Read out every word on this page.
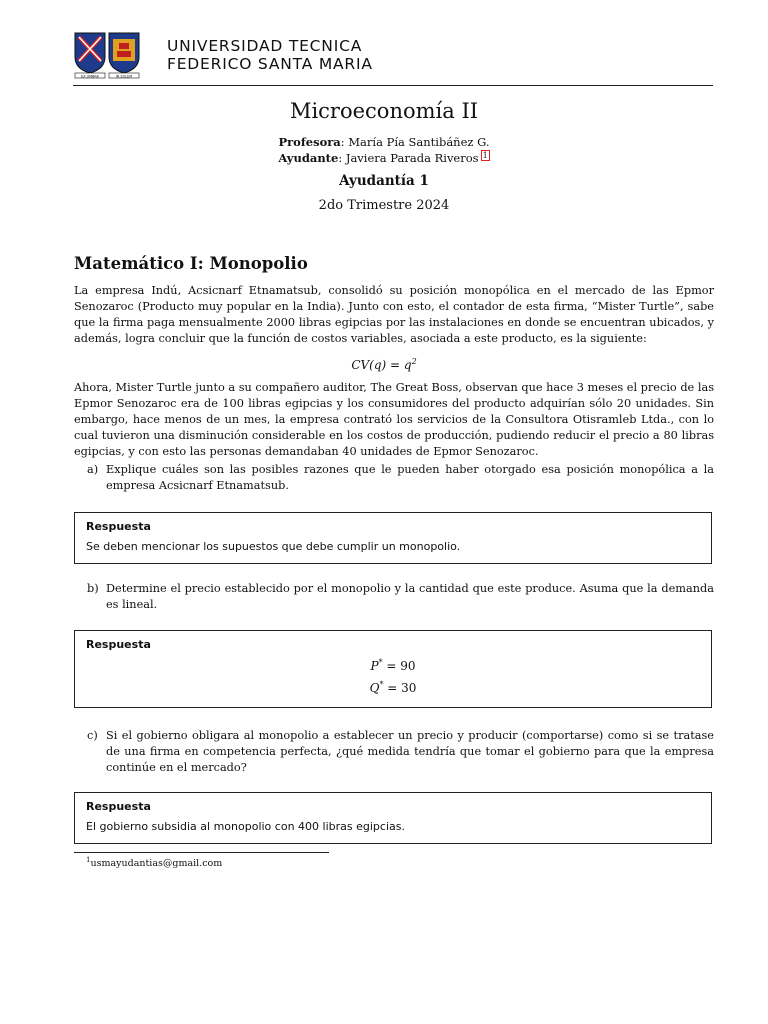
EX UMBRA	IN SOLEM
UNIVERSIDAD TECNICA
FEDERICO SANTA MARIA
Microeconomía II
Profesora: María Pía Santibáñez G.
Ayudante: Javiera Parada Riveros 1
Ayudantía 1
2do Trimestre 2024
Matemático I: Monopolio
La empresa Indú, Acsicnarf Etnamatsub, consolidó su posición monopólica en el mercado de las Epmor Senozaroc (Producto muy popular en la India). Junto con esto, el contador de esta firma, “Mister Turtle”, sabe que la firma paga mensualmente 2000 libras egipcias por las instalaciones en donde se encuentran ubicados, y además, logra concluir que la función de costos variables, asociada a este producto, es la siguiente:
$CV(q) = q^2$
Ahora, Mister Turtle junto a su compañero auditor, The Great Boss, observan que hace 3 meses el precio de las Epmor Senozaroc era de 100 libras egipcias y los consumidores del producto adquirían sólo 20 unidades. Sin embargo, hace menos de un mes, la empresa contrató los servicios de la Consultora Otisramleb Ltda., con lo cual tuvieron una disminución considerable en los costos de producción, pudiendo reducir el precio a 80 libras egipcias, y con esto las personas demandaban 40 unidades de Epmor Senozaroc.
a) Explique cuáles son las posibles razones que le pueden haber otorgado esa posición monopólica a la empresa Acsicnarf Etnamatsub.
Respuesta
Se deben mencionar los supuestos que debe cumplir un monopolio.
b) Determine el precio establecido por el monopolio y la cantidad que este produce. Asuma que la demanda es lineal.
Respuesta
P* = 90
Q* = 30
c) Si el gobierno obligara al monopolio a establecer un precio y producir (comportarse) como si se tratase de una firma en competencia perfecta, ¿qué medida tendría que tomar el gobierno para que la empresa continúe en el mercado?
Respuesta
El gobierno subsidia al monopolio con 400 libras egipcias.
$^1$usmayudantias@gmail.com
